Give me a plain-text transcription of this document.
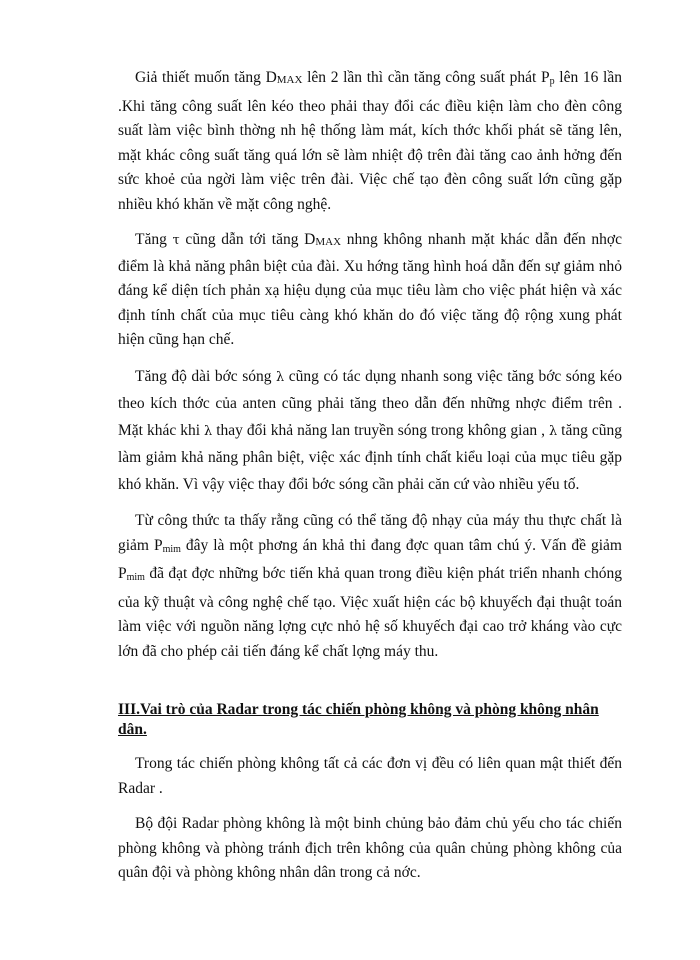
Giả thiết muốn tăng DMAX lên 2 lần thì cần tăng công suất phát $P_p$ lên 16 lần .Khi tăng công suất lên kéo theo phải thay đổi các điều kiện làm cho đèn công suất làm việc bình thờng nh hệ thống làm mát, kích thớc khối phát sẽ tăng lên, mặt khác công suất tăng quá lớn sẽ làm nhiệt độ trên đài tăng cao ảnh hởng đến sức khoẻ của ngời làm việc trên đài. Việc chế tạo đèn công suất lớn cũng gặp nhiều khó khăn về mặt công nghệ.

Tăng τ cũng dẫn tới tăng DMAX nhng không nhanh mặt khác dẫn đến nhợc điểm là khả năng phân biệt của đài. Xu hớng tăng hình hoá dẫn đến sự giảm nhỏ đáng kể diện tích phản xạ hiệu dụng của mục tiêu làm cho việc phát hiện và xác định tính chất của mục tiêu càng khó khăn do đó việc tăng độ rộng xung phát hiện cũng hạn chế.

Tăng độ dài bớc sóng λ cũng có tác dụng nhanh song việc tăng bớc sóng kéo theo kích thớc của anten cũng phải tăng theo dẫn đến những nhợc điểm trên . Mặt khác khi λ thay đổi khả năng lan truyền sóng trong không gian , λ tăng cũng làm giảm khả năng phân biệt, việc xác định tính chất kiểu loại của mục tiêu gặp khó khăn. Vì vậy việc thay đổi bớc sóng cần phải căn cứ vào nhiều yếu tố.

Từ công thức ta thấy rằng cũng có thể tăng độ nhạy của máy thu thực chất là giảm $P_{mim}$ đây là một phơng án khả thi đang đợc quan tâm chú ý. Vấn đề giảm $P_{mim}$ đã đạt đợc những bớc tiến khả quan trong điều kiện phát triển nhanh chóng của kỹ thuật và công nghệ chế tạo. Việc xuất hiện các bộ khuyếch đại thuật toán làm việc với nguồn năng lợng cực nhỏ hệ số khuyếch đại cao trở kháng vào cực lớn đã cho phép cải tiến đáng kể chất lợng máy thu.

III.Vai trò của Radar trong tác chiến phòng không và phòng không nhân dân.

Trong tác chiến phòng không tất cả các đơn vị đều có liên quan mật thiết đến Radar .

Bộ đội Radar phòng không là một binh chủng bảo đảm chủ yếu cho tác chiến phòng không và phòng tránh địch trên không của quân chủng phòng không của quân đội và phòng không nhân dân trong cả nớc.
